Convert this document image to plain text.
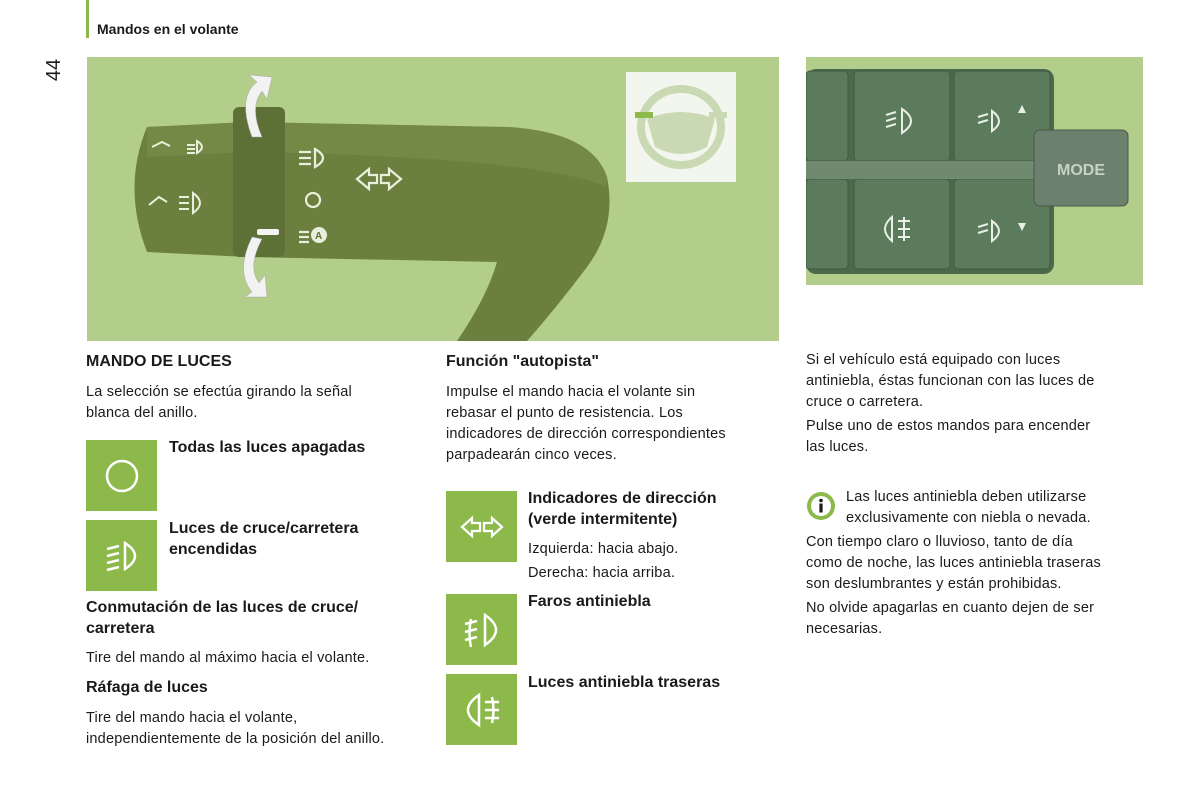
Mandos en el volante
44
A
MODE
MANDO DE LUCES
La selección se efectúa girando la señal
blanca del anillo.
Todas las luces apagadas
Luces de cruce/carretera
encendidas
Conmutación de las luces de cruce/
carretera
Tire del mando al máximo hacia el volante.
Ráfaga de luces
Tire del mando hacia el volante,
independientemente de la posición del anillo.
Función "autopista"
Impulse el mando hacia el volante sin
rebasar el punto de resistencia. Los
indicadores de dirección correspondientes
parpadearán cinco veces.
Indicadores de dirección
(verde intermitente)
Izquierda: hacia abajo.
Derecha: hacia arriba.
Faros antiniebla
Luces antiniebla traseras
Si el vehículo está equipado con luces
antiniebla, éstas funcionan con las luces de
cruce o carretera.
Pulse uno de estos mandos para encender
las luces.
Las luces antiniebla deben utilizarse
exclusivamente con niebla o nevada.
Con tiempo claro o lluvioso, tanto de día
como de noche, las luces antiniebla traseras
son deslumbrantes y están prohibidas.
No olvide apagarlas en cuanto dejen de ser
necesarias.
